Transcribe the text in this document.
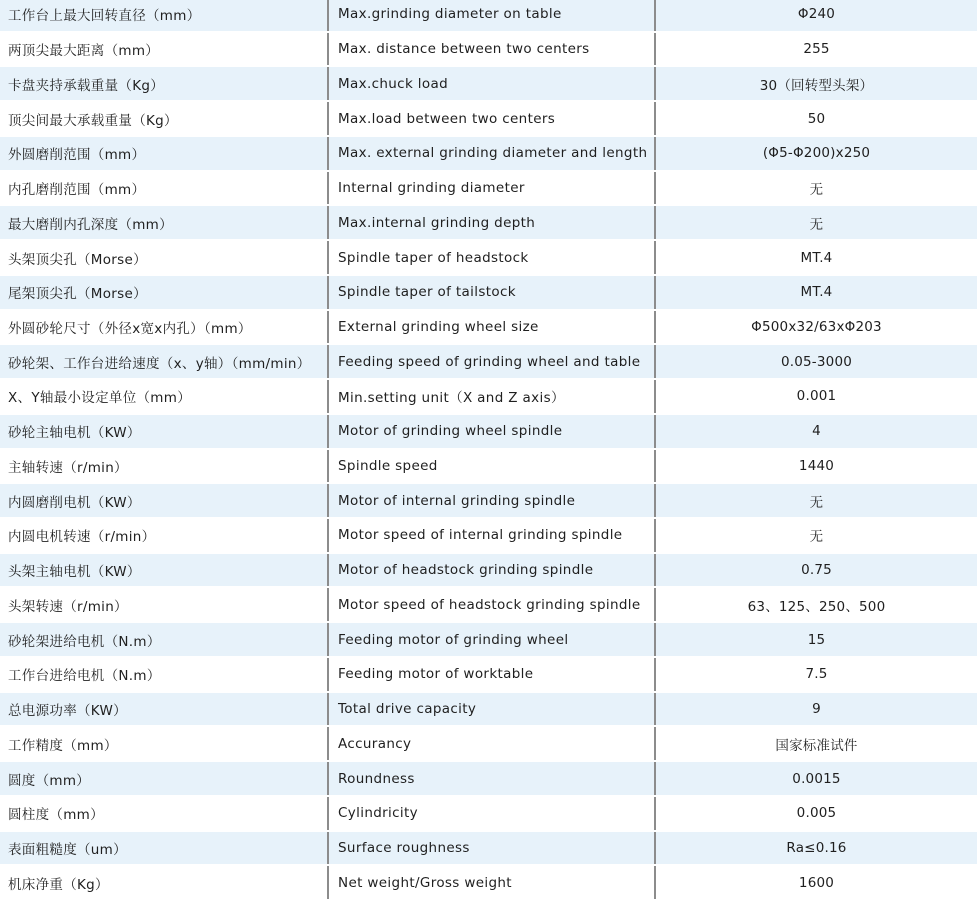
工作台上最大回转直径（mm）	Max.grinding diameter on table	Φ240
两顶尖最大距离（mm）	Max. distance between two centers	255
卡盘夹持承载重量（Kg）	Max.chuck load	30（回转型头架）
顶尖间最大承载重量（Kg）	Max.load between two centers	50
外圆磨削范围（mm）	Max. external grinding diameter and length	(Φ5-Φ200)x250
内孔磨削范围（mm）	Internal grinding diameter	无
最大磨削内孔深度（mm）	Max.internal grinding depth	无
头架顶尖孔（Morse）	Spindle taper of headstock	MT.4
尾架顶尖孔（Morse）	Spindle taper of tailstock	MT.4
外圆砂轮尺寸（外径x宽x内孔）（mm）	External grinding wheel size	Φ500x32/63xΦ203
砂轮架、工作台进给速度（x、y轴）（mm/min）	Feeding speed of grinding wheel and table	0.05-3000
X、Y轴最小设定单位（mm）	Min.setting unit（X and Z axis）	0.001
砂轮主轴电机（KW）	Motor of grinding wheel spindle	4
主轴转速（r/min）	Spindle speed	1440
内圆磨削电机（KW）	Motor of internal grinding spindle	无
内圆电机转速（r/min）	Motor speed of internal grinding spindle	无
头架主轴电机（KW）	Motor of headstock grinding spindle	0.75
头架转速（r/min）	Motor speed of headstock grinding spindle	63、125、250、500
砂轮架进给电机（N.m）	Feeding motor of grinding wheel	15
工作台进给电机（N.m）	Feeding motor of worktable	7.5
总电源功率（KW）	Total drive capacity	9
工作精度（mm）	Accurancy	国家标准试件
圆度（mm）	Roundness	0.0015
圆柱度（mm）	Cylindricity	0.005
表面粗糙度（um）	Surface roughness	Ra≤0.16
机床净重（Kg）	Net weight/Gross weight	1600
